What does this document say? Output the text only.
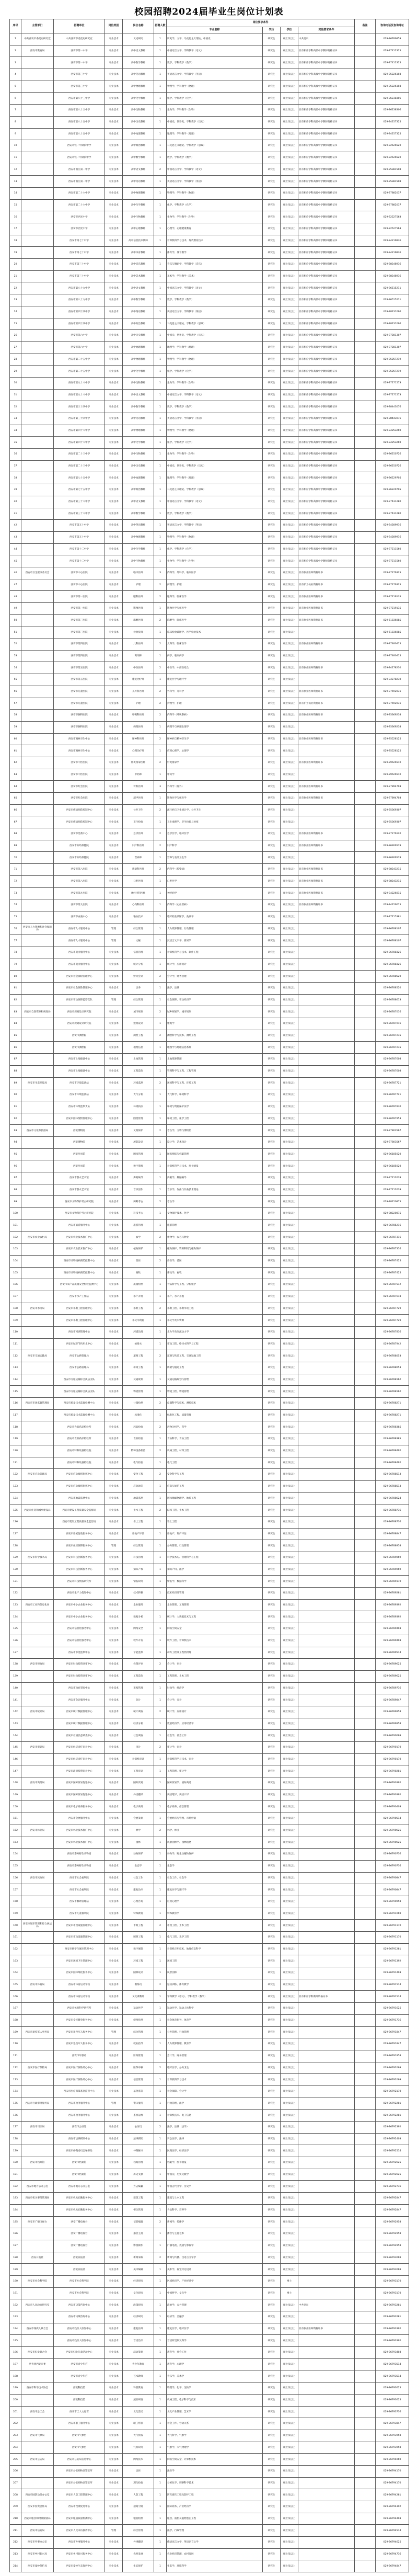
校园招聘2024届毕业生岗位计划表
序号	主管部门	招聘单位	岗位类别	岗位名称	招聘人数	岗位要求条件				备注	咨询电话及咨询地址
						专业名称	学历	学位	其他要求条件		
1	中共西安市委党史研究室	中共西安市委党史研究室	专业技术	文史研究	1	历史学、文学、马克思主义理论、中国史	研究生	硕士及以上	中共党员		029-86786859
2	西安市教育局	西安市第一中学	专业技术	高中语文教师	1	中国语言文学、学科教学（语文）	研究生	硕士及以上	具有相应学科高级中学教师资格证书		029-87412325
3		西安市第一中学	专业技术	高中数学教师	1	数学、学科教学（数学）	研究生	硕士及以上	具有相应学科高级中学教师资格证书		029-87412325
4		西安市第三中学	专业技术	高中英语教师	1	英语语言文学、学科教学（英语）	研究生	硕士及以上	具有相应学科高级中学教师资格证书		029-85226103
5		西安市第三中学	专业技术	高中物理教师	1	物理学、学科教学（物理）	研究生	硕士及以上	具有相应学科高级中学教师资格证书		029-85226103
6		西安市第八十三中学	专业技术	高中化学教师	1	化学、学科教学（化学）	研究生	硕士及以上	具有相应学科高级中学教师资格证书		029-86238306
7		西安市第八十三中学	专业技术	高中生物教师	1	生物学、学科教学（生物）	研究生	硕士及以上	具有相应学科高级中学教师资格证书		029-86238306
8		西安市第八十五中学	专业技术	高中历史教师	1	中国史、世界史、学科教学（历史）	研究生	硕士及以上	具有相应学科高级中学教师资格证书		029-84257325
9		西安市第八十五中学	专业技术	高中地理教师	1	地理学、学科教学（地理）	研究生	硕士及以上	具有相应学科高级中学教师资格证书		029-84257325
10		西安市铁一中湖滨中学	专业技术	高中政治教师	1	马克思主义理论、学科教学（思政）	研究生	硕士及以上	具有相应学科高级中学教师资格证书		029-82526520
11		西安市铁一中湖滨中学	专业技术	高中数学教师	1	数学、学科教学（数学）	研究生	硕士及以上	具有相应学科高级中学教师资格证书		029-82526520
12		西安市曲江第一中学	专业技术	高中语文教师	2	中国语言文学、学科教学（语文）	研究生	硕士及以上	具有相应学科高级中学教师资格证书		029-85381508
13		西安市曲江第一中学	专业技术	高中英语教师	1	英语语言文学、学科教学（英语）	研究生	硕士及以上	具有相应学科高级中学教师资格证书		029-85381508
14		西安市第二十六中学	专业技术	高中物理教师	1	物理学、学科教学（物理）	研究生	硕士及以上	具有相应学科高级中学教师资格证书		029-87882037
15		西安市第二十六中学	专业技术	高中化学教师	1	化学、学科教学（化学）	研究生	硕士及以上	具有相应学科高级中学教师资格证书		029-87882037
16		西安市西光中学	专业技术	高中生物教师	1	生物学、学科教学（生物）	研究生	硕士及以上	具有相应学科高级中学教师资格证书		029-82527563
17		西安市西光中学	专业技术	高中心理教师	1	心理学、心理健康教育	研究生	硕士及以上	具有相应学科高级中学教师资格证书		029-82527563
18		西安市第七十中学	专业技术	高中信息技术教师	1	计算机科学与技术、现代教育技术	研究生	硕士及以上	具有相应学科高级中学教师资格证书		029-84219836
19		西安市第七十中学	专业技术	高中体育教师	1	体育学、体育教学	研究生	硕士及以上	具有相应学科高级中学教师资格证书		029-84219836
20		西安市第三十中学	专业技术	高中音乐教师	1	音乐与舞蹈学、学科教学（音乐）	研究生	硕士及以上	具有相应学科高级中学教师资格证书		029-88248936
21		西安市第三十中学	专业技术	高中美术教师	1	美术学、学科教学（美术）	研究生	硕士及以上	具有相应学科高级中学教师资格证书		029-88248936
22		西安市第八十九中学	专业技术	高中语文教师	1	中国语言文学、学科教学（语文）	研究生	硕士及以上	具有相应学科高级中学教师资格证书		029-86515211
23		西安市第八十九中学	专业技术	高中数学教师	1	数学、学科教学（数学）	研究生	硕士及以上	具有相应学科高级中学教师资格证书		029-86515211
24		西安市第四十四中学	专业技术	高中英语教师	1	英语语言文学、学科教学（英语）	研究生	硕士及以上	具有相应学科高级中学教师资格证书		029-88231096
25		西安市第四十四中学	专业技术	高中政治教师	1	马克思主义理论、学科教学（思政）	研究生	硕士及以上	具有相应学科高级中学教师资格证书		029-88231096
26		西安市第六中学	专业技术	高中历史教师	1	中国史、世界史、学科教学（历史）	研究生	硕士及以上	具有相应学科高级中学教师资格证书		029-87281307
27		西安市第六中学	专业技术	高中地理教师	1	地理学、学科教学（地理）	研究生	硕士及以上	具有相应学科高级中学教师资格证书		029-87281307
28		西安市第二十五中学	专业技术	高中物理教师	1	物理学、学科教学（物理）	研究生	硕士及以上	具有相应学科高级中学教师资格证书		029-85257219
29		西安市第二十五中学	专业技术	高中化学教师	1	化学、学科教学（化学）	研究生	硕士及以上	具有相应学科高级中学教师资格证书		029-85257219
30		西安市第九十八中学	专业技术	高中生物教师	1	生物学、学科教学（生物）	研究生	硕士及以上	具有相应学科高级中学教师资格证书		029-87271573
31		西安市第九十八中学	专业技术	高中语文教师	1	中国语言文学、学科教学（语文）	研究生	硕士及以上	具有相应学科高级中学教师资格证书		029-87271573
32		西安市第三十四中学	专业技术	高中数学教师	1	数学、学科教学（数学）	研究生	硕士及以上	具有相应学科高级中学教师资格证书		029-88443076
33		西安市第三十四中学	专业技术	高中英语教师	1	英语语言文学、学科教学（英语）	研究生	硕士及以上	具有相应学科高级中学教师资格证书		029-88443076
34		西安市第四十八中学	专业技术	高中物理教师	1	物理学、学科教学（物理）	研究生	硕士及以上	具有相应学科高级中学教师资格证书		029-84253269
35		西安市第四十八中学	专业技术	高中化学教师	1	化学、学科教学（化学）	研究生	硕士及以上	具有相应学科高级中学教师资格证书		029-84253269
36		西安市第二十三中学	专业技术	高中生物教师	1	生物学、学科教学（生物）	研究生	硕士及以上	具有相应学科高级中学教师资格证书		029-86250726
37		西安市第二十三中学	专业技术	高中历史教师	1	中国史、世界史、学科教学（历史）	研究生	硕士及以上	具有相应学科高级中学教师资格证书		029-86250726
38		西安市第七十五中学	专业技术	高中地理教师	1	地理学、学科教学（地理）	研究生	硕士及以上	具有相应学科高级中学教师资格证书		029-86229705
39		西安市第七十五中学	专业技术	高中政治教师	1	马克思主义理论、学科教学（思政）	研究生	硕士及以上	具有相应学科高级中学教师资格证书		029-86229705
40		西安市第三十八中学	专业技术	高中语文教师	1	中国语言文学、学科教学（语文）	研究生	硕士及以上	具有相应学科高级中学教师资格证书		029-87431280
41		西安市第三十八中学	专业技术	高中数学教师	1	数学、学科教学（数学）	研究生	硕士及以上	具有相应学科高级中学教师资格证书		029-87431280
42		西安市第五十中学	专业技术	高中英语教师	1	英语语言文学、学科教学（英语）	研究生	硕士及以上	具有相应学科高级中学教师资格证书		029-84289916
43		西安市第五十中学	专业技术	高中物理教师	1	物理学、学科教学（物理）	研究生	硕士及以上	具有相应学科高级中学教师资格证书		029-84289916
44		西安市第十二中学	专业技术	高中化学教师	1	化学、学科教学（化学）	研究生	硕士及以上	具有相应学科高级中学教师资格证书		029-87211560
45		西安市第十二中学	专业技术	高中生物教师	1	生物学、学科教学（生物）	研究生	硕士及以上	具有相应学科高级中学教师资格证书		029-87211560
46	西安市卫生健康委员会	西安市中心医院	专业技术	临床医师	3	内科学、外科学、临床医学	研究生	硕士及以上	具有执业医师资格证书		029-87276325
47		西安市中心医院	专业技术	护理	2	护理学、护理	研究生	硕士及以上	具有护士执业资格证书		029-87276325
48		西安市第一医院	专业技术	眼科医师	2	眼科学、临床医学	研究生	硕士及以上	具有执业医师资格证书		029-87219135
49		西安市第一医院	专业技术	影像医师	1	影像医学与核医学	研究生	硕士及以上	具有执业医师资格证书		029-87219135
50		西安市第三医院	专业技术	麻醉医师	2	麻醉学、临床医学	研究生	硕士及以上	具有执业医师资格证书		029-61836085
51		西安市第三医院	专业技术	检验技师	1	临床检验诊断学、医学检验技术	研究生	硕士及以上			029-61836085
52		西安市第四医院	专业技术	儿科医师	2	儿科学、临床医学	研究生	硕士及以上	具有执业医师资格证书		029-87480415
53		西安市第四医院	专业技术	药剂师	1	药学、临床药学	研究生	硕士及以上			029-87480415
54		西安市第五医院	专业技术	中医医师	2	中医学、中西医结合	研究生	硕士及以上	具有执业医师资格证书		029-84278230
55		西安市第五医院	专业技术	康复治疗师	1	康复医学与理疗学	研究生	硕士及以上			029-84278230
56		西安市儿童医院	专业技术	儿外科医师	2	外科学、儿科学	研究生	硕士及以上	具有执业医师资格证书		029-87692031
57		西安市儿童医院	专业技术	护理	2	护理学、护理	研究生	硕士及以上	具有护士执业资格证书		029-87692031
58		西安市胸科医院	专业技术	呼吸科医师	2	内科学（呼吸系病）	研究生	硕士及以上	具有执业医师资格证书		029-85369238
59		西安市胸科医院	专业技术	病理医师	1	病理学与病理生理学	研究生	硕士及以上			029-85369238
60		西安市精神卫生中心	专业技术	精神科医师	2	精神病与精神卫生学	研究生	硕士及以上	具有执业医师资格证书		029-85528125
61		西安市精神卫生中心	专业技术	心理治疗师	1	应用心理学、心理学	研究生	硕士及以上			029-85528125
62		西安市中医医院	专业技术	针灸推拿医师	2	针灸推拿学	研究生	硕士及以上	具有执业医师资格证书		029-89626510
63		西安市中医医院	专业技术	中药师	1	中药学	研究生	硕士及以上			029-89626510
64		西安市红会医院	专业技术	骨科医师	3	外科学（骨外）	研究生	硕士及以上	具有执业医师资格证书		029-87894703
65		西安市红会医院	专业技术	超声医师	1	影像医学与核医学	研究生	硕士及以上	具有执业医师资格证书		029-87894703
66		西安市疾病预防控制中心	专业技术	公共卫生	2	流行病与卫生统计学、公共卫生	研究生	硕士及以上			029-85369307
67		西安市疾病预防控制中心	专业技术	卫生检验	1	卫生毒理学、卫生检验与检疫	研究生	硕士及以上			029-85369307
68		西安市急救中心	专业技术	急诊医师	2	急诊医学、临床医学	研究生	硕士及以上	具有执业医师资格证书		029-87276120
69		西安市妇幼保健院	专业技术	妇产科医师	2	妇产科学	研究生	硕士及以上	具有执业医师资格证书		029-86266519
70		西安市妇幼保健院	专业技术	营养师	1	营养与食品卫生学	研究生	硕士及以上			029-86266519
71		西安市第八医院	专业技术	感染科医师	2	内科学（传染病）	研究生	硕士及以上	具有执业医师资格证书		029-88243215
72		西安市第八医院	专业技术	口腔医师	1	口腔医学	研究生	硕士及以上	具有执业医师资格证书		029-88243215
73		西安市第九医院	专业技术	神经内科医师	1	神经病学	研究生	硕士及以上	具有执业医师资格证书		029-84226015
74		西安市第九医院	专业技术	心内科医师	1	内科学（心血管病）	研究生	硕士及以上	具有执业医师资格证书		029-84226015
75		西安市血液中心	专业技术	输血技术	1	临床检验诊断学、免疫学	研究生	硕士及以上			029-87215381
76	西安市人力资源和社会保障局	西安市人才服务中心	管理	综合管理	1	人力资源管理、行政管理	研究生	硕士及以上			029-86788107
77		西安市人才服务中心	管理	文秘	1	汉语言文字学、新闻学	研究生	硕士及以上			029-86788107
78		西安市就业服务中心	专业技术	信息管理	1	计算机科学与技术、软件工程	研究生	硕士及以上			029-86788326
79		西安市就业服务中心	专业技术	统计分析	1	统计学、应用统计	研究生	硕士及以上			029-86788326
80		西安市社会保险管理中心	专业技术	财务会计	2	会计学、财务管理	研究生	硕士及以上			029-86788520
81		西安市社会保险管理中心	专业技术	法务	1	法学、法律	研究生	硕士及以上			029-86788520
82		西安市劳动保障监察支队	管理	综合管理	1	社会保障、劳动经济学	研究生	硕士及以上			029-86788613
83	西安市自然资源和规划局	西安市规划设计研究院	专业技术	城市规划	2	城乡规划学、城市规划	研究生	硕士及以上			029-86787016
84		西安市规划设计研究院	专业技术	建筑设计	1	建筑学	研究生	硕士及以上			029-86787016
85		西安市测绘院	专业技术	测绘工程	2	测绘科学与技术、测绘工程	研究生	硕士及以上			029-86787235
86		西安市测绘院	专业技术	地理信息	1	地图学与地理信息系统	研究生	硕士及以上			029-86787235
87		西安市土地储备中心	专业技术	土地管理	1	土地资源管理	研究生	硕士及以上			029-86787608
88		西安市土地储备中心	专业技术	工程造价	1	管理科学与工程、工程管理	研究生	硕士及以上			029-86787608
89	西安市生态环境局	西安市环境监测站	专业技术	环境监测	2	环境科学与工程、环境工程	研究生	硕士及以上			029-86787721
90		西安市环境监测站	专业技术	大气分析	1	大气科学、环境科学	研究生	硕士及以上			029-86787721
91		西安市环境监察支队	专业技术	环境执法	1	环境与资源保护法学	研究生	硕士及以上			029-86787830
92		西安市固体废物管理中心	专业技术	固废管理	1	环境工程、化学工程	研究生	硕士及以上			029-86787953
93	西安市文化和旅游局	西安博物院	专业技术	文物保护	2	考古学、文物与博物馆	研究生	硕士及以上			029-87803567
94		西安博物院	专业技术	展陈设计	1	设计学、艺术设计	研究生	硕士及以上			029-87803567
95		西安图书馆	专业技术	图书管理	1	图书情报与档案管理	研究生	硕士及以上			029-86185020
96		西安图书馆	专业技术	数字资源	1	计算机科学与技术、图书情报	研究生	硕士及以上			029-86185020
97		西安市群众艺术馆	专业技术	舞蹈编导	1	舞蹈学、舞蹈编导	研究生	硕士及以上			029-87212639
98		西安市群众艺术馆	专业技术	音乐创作	1	音乐学、作曲与作曲技术理论	研究生	硕士及以上			029-87212639
99		西安市文物保护考古研究院	专业技术	田野考古	2	考古学	研究生	硕士及以上			029-88220875
100		西安市文物保护考古研究院	专业技术	科技考古	1	文物保护技术、化学	研究生	硕士及以上			029-88220875
101		西安市旅游服务中心	专业技术	旅游管理	1	旅游管理	研究生	硕士及以上			029-86785216
102	西安市农业农村局	西安市农业技术推广中心	专业技术	农学	2	作物学、农艺与种业	研究生	硕士及以上			029-86787316
103		西安市农业技术推广中心	专业技术	植物保护	1	植物保护、资源利用与植物保护	研究生	硕士及以上			029-86787316
104		西安市动物疫病预防控制中心	专业技术	兽医	2	兽医学、兽医	研究生	硕士及以上			029-86787425
105		西安市动物疫病预防控制中心	专业技术	畜牧	1	畜牧学、畜牧	研究生	硕士及以上			029-86787425
106		西安市农产品质量安全检验监测中心	专业技术	质量检测	1	食品科学与工程、分析化学	研究生	硕士及以上			029-86787512
107		西安市水产工作站	专业技术	水产养殖	1	水产、水产养殖	研究生	硕士及以上			029-86787618
108	西安市水务局	西安市水利工程管理中心	专业技术	水利工程	2	水利工程、水利水电工程	研究生	硕士及以上			029-86787729
109		西安市水利工程管理中心	专业技术	水文水资源	1	水文学及水资源	研究生	硕士及以上			029-86787729
110		西安市河湖管理中心	专业技术	河道治理	1	水力学及河流动力学	研究生	硕士及以上			029-86787836
111		西安市城市节约用水中心	专业技术	给排水	1	市政工程、给排水科学与工程	研究生	硕士及以上			029-86787942
112	西安市交通运输局	西安市公路管理局	专业技术	道路工程	2	道路与铁道工程、交通运输工程	研究生	硕士及以上			029-86788053
113		西安市公路管理局	专业技术	桥梁工程	1	桥梁与隧道工程	研究生	硕士及以上			029-86788053
114		西安市交通运输综合执法支队	专业技术	交通规划	1	交通运输规划与管理	研究生	硕士及以上			029-86788162
115		西安市交通运输综合执法支队	专业技术	物流管理	1	物流工程、物流管理	研究生	硕士及以上			029-86788162
116	西安市市场监督管理局	西安市质量技术监督检测中心	专业技术	计量检测	2	仪器科学与技术、测控技术	研究生	硕士及以上			029-86788271
117		西安市质量技术监督检测中心	专业技术	标准化	1	标准化工程、质量管理	研究生	硕士及以上			029-86788271
118		西安市食品药品检验所	专业技术	药品检验	2	药物分析学、药学	研究生	硕士及以上			029-86788385
119		西安市食品药品检验所	专业技术	食品检验	1	食品科学、食品工程	研究生	硕士及以上			029-86788385
120		西安市特种设备检验院	专业技术	特种设备检验	2	机械工程、材料工程	研究生	硕士及以上			029-86788492
121		西安市特种设备检验院	专业技术	电气检验	1	电气工程	研究生	硕士及以上			029-86788492
122	西安市应急管理局	西安市应急救援指挥中心	专业技术	安全工程	2	安全科学与工程	研究生	硕士及以上			029-86788513
123		西安市应急救援指挥中心	专业技术	应急通信	1	信息与通信工程	研究生	硕士及以上			029-86788513
124		西安市地震监测中心	专业技术	地震监测	1	固体地球物理学、地质工程	研究生	硕士及以上			029-86788624
125	西安市住房和城乡建设局	西安市建设工程质量安全监督站	专业技术	土木工程	2	结构工程、土木工程	研究生	硕士及以上			029-86788736
126		西安市建设工程质量安全监督站	专业技术	岩土工程	1	岩土工程	研究生	硕士及以上			029-86788736
127		西安市房屋征收服务中心	专业技术	房地产评估	1	房地产、资产评估	研究生	硕士及以上			029-86788847
128		西安市住房保障服务中心	管理	综合管理	1	公共管理、行政管理	研究生	硕士及以上			029-86788958
129	西安市科学技术局	西安市科技创新服务中心	专业技术	科技管理	1	科学技术史、管理科学与工程	研究生	硕士及以上			029-86789069
130		西安市科技创新服务中心	专业技术	知识产权	1	知识产权、法学	研究生	硕士及以上			029-86789069
131		西安市科技情报研究所	专业技术	情报研究	1	情报学、数据科学	研究生	硕士及以上			029-86789170
132		西安市生产力促进中心	专业技术	技术转移	1	技术经济及管理	研究生	硕士及以上			029-86789281
133	西安市工业和信息化局	西安市中小企业服务中心	专业技术	企业服务	1	企业管理、工商管理	研究生	硕士及以上			029-86789392
134		西安市中小企业服务中心	专业技术	数据分析	1	统计学、大数据技术与工程	研究生	硕士及以上			029-86789392
135		西安市信息化服务中心	专业技术	网络安全	1	网络空间安全	研究生	硕士及以上			029-86789403
136		西安市信息化服务中心	专业技术	软件开发	1	软件工程、计算机技术	研究生	硕士及以上			029-86789403
137		西安市节能监察中心	专业技术	节能监察	1	动力工程及工程热物理	研究生	硕士及以上			029-86789514
138	西安市财政局	西安市财政投资评审中心	专业技术	投资评审	2	会计学、审计	研究生	硕士及以上			029-86789625
139		西安市财政投资评审中心	专业技术	工程造价	1	工程管理、土木工程	研究生	硕士及以上			029-86789625
140		西安市政府采购中心	专业技术	采购管理	1	财政学、经济学	研究生	硕士及以上			029-86789736
141		西安市会计服务中心	专业技术	会计	1	会计学、会计	研究生	硕士及以上			029-86789847
142	西安市统计局	西安市统计数据管理中心	专业技术	统计调查	2	统计学、应用统计	研究生	硕士及以上			029-86789958
143		西安市统计数据管理中心	专业技术	经济分析	1	数量经济学、应用经济学	研究生	硕士及以上			029-86789958
144		西安市社情民意调查中心	专业技术	社会调查	1	社会学、社会工作	研究生	硕士及以上			029-86790069
145	西安市审计局	西安市经济责任审计中心	专业技术	审计	2	审计学、审计	研究生	硕士及以上			029-86790170
146		西安市经济责任审计中心	专业技术	计算机审计	1	计算机科学与技术、审计	研究生	硕士及以上			029-86790170
147		西安市政府投资审计中心	专业技术	工程审计	1	工程管理、审计学	研究生	硕士及以上			029-86790281
148	西安市商务局	西安市国际贸易促进中心	专业技术	国际贸易	1	国际贸易学、国际商务	研究生	硕士及以上			029-86790392
149		西安市国际贸易促进中心	专业技术	外语翻译	1	英语笔译、英语口译	研究生	硕士及以上			029-86790392
150		西安市电子商务服务中心	专业技术	电子商务	1	电子商务、信息管理	研究生	硕士及以上			029-86790403
151		西安市会展服务中心	专业技术	会展策划	1	会展经济与管理、市场营销	研究生	硕士及以上			029-86790514
152	西安市林业局	西安市林业技术推广中心	专业技术	林学	2	林学、林业	研究生	硕士及以上			029-86790625
153		西安市林业技术推广中心	专业技术	园林	1	风景园林学、园林植物	研究生	硕士及以上			029-86790625
154		西安市秦岭野生动物园	专业技术	动物保护	1	动物学、野生动植物保护	研究生	硕士及以上			029-86790736
155		西安市秦岭野生动物园	专业技术	生态学	1	生态学	研究生	硕士及以上			029-86790736
156	西安市民政局	西安市社会福利院	专业技术	社会工作	1	社会工作、社会学	研究生	硕士及以上			029-86790847
157		西安市社会福利院	专业技术	康复治疗	1	康复医学与理疗学	研究生	硕士及以上			029-86790847
158		西安市救助管理站	专业技术	心理咨询	1	应用心理学	研究生	硕士及以上			029-86790958
159		西安市儿童福利院	专业技术	特殊教育	1	特殊教育学	研究生	硕士及以上			029-86791069
160	西安市城市管理和综合执法局	西安市市政设施管理中心	专业技术	市政工程	2	市政工程、土木工程	研究生	硕士及以上			029-86791170
161		西安市市政设施管理中心	专业技术	照明工程	1	电气工程、光学工程	研究生	硕士及以上			029-86791170
162		西安市数字化城市管理中心	专业技术	数字城管	1	计算机应用技术、地理信息科学	研究生	硕士及以上			029-86791281
163		西安市环境卫生管理中心	专业技术	环境工程	1	环境工程	研究生	硕士及以上			029-86791392
164		西安市园林绿化服务中心	专业技术	园林设计	1	风景园林	研究生	硕士及以上			029-86791403
165	西安市体育局	西安市体育运动学校	专业技术	教练员	2	运动训练、体育教学	研究生	硕士及以上			029-86791514
166		西安市体育运动学校	专业技术	文化课教师	1	学科教学（语文）、学科教学（数学）	研究生	硕士及以上	具有相应学科教师资格证书		029-86791514
167		西安市体育科学研究所	专业技术	运动医学	1	运动医学、运动人体科学	研究生	硕士及以上			029-86791625
168		西安市全民健身指导中心	专业技术	健身指导	1	社会体育指导、体育学	研究生	硕士及以上			029-86791736
169	西安市退役军人事务局	西安市退役军人服务中心	管理	综合管理	1	公共管理、行政管理	研究生	硕士及以上			029-86791847
170		西安市退役军人服务中心	专业技术	就业指导	1	人力资源管理、教育学	研究生	硕士及以上			029-86791847
171		西安市军供站	专业技术	财务管理	1	会计学、财务管理	研究生	硕士及以上			029-86791958
172	西安市医疗保障局	西安市医疗保险经办中心	专业技术	医保审核	2	临床医学、公共卫生	研究生	硕士及以上			029-86792069
173		西安市医疗保险经办中心	专业技术	信息管理	1	计算机科学与技术	研究生	硕士及以上			029-86792069
174		西安市医疗保障基金监管中心	专业技术	基金监管	1	社会保障、会计学	研究生	硕士及以上			029-86792170
175	西安市行政审批服务局	西安市政务服务中心	管理	窗口服务	1	行政管理、法学	研究生	硕士及以上			029-86792281
176		西安市政务服务中心	专业技术	系统运维	1	计算机技术、电子信息	研究生	硕士及以上			029-86792281
177	西安市司法局	西安市公证处	专业技术	公证员	2	法学、法律（法学）	研究生	硕士及以上			029-86792392
178		西安市法律援助中心	专业技术	法律援助	1	诉讼法学、法律	研究生	硕士及以上			029-86792403
179		西安市仲裁委员会秘书处	专业技术	仲裁秘书	1	民商法学、经济法学	研究生	硕士及以上			029-86792514
180	西安市档案馆	西安市档案馆	专业技术	档案管理	1	档案学、图书情报	研究生	硕士及以上			029-86792625
181		西安市档案馆	专业技术	历史文献	1	中国史、历史文献学	研究生	硕士及以上			029-86792625
182	西安市地方志办公室	西安市地方志办公室	专业技术	方志编纂	1	中国古代文学、历史学	研究生	硕士及以上			029-86792736
183	西安市机关事务管理局	西安市机关后勤服务中心	专业技术	建筑工程	1	建筑与土木工程	研究生	硕士及以上			029-86792847
184		西安市机关后勤服务中心	专业技术	餐饮管理	1	食品科学、营养学	研究生	硕士及以上			029-86792847
185	西安市广播电视台	西安广播电视台	专业技术	记者编辑	2	新闻学、传播学	研究生	硕士及以上			029-86792958
186		西安广播电视台	专业技术	播音主持	1	播音与主持艺术	研究生	硕士及以上			029-86792958
187		西安广播电视台	专业技术	影视制作	1	广播电视、戏剧与影视学	研究生	硕士及以上			029-86792958
188	西安日报社	西安日报社	专业技术	新闻采编	2	新闻与传播、汉语言文字学	研究生	硕士及以上			029-86793069
189		西安日报社	专业技术	美术编辑	1	美术学、视觉传达设计	研究生	硕士及以上			029-86793069
190	西安市社会科学院	西安市社会科学院	专业技术	经济研究	1	区域经济学、产业经济学	研究生	博士			029-86793170
191		西安市社会科学院	专业技术	文化研究	1	中国哲学、文化学	研究生	博士			029-86793170
192	西安市人民政府研究室	西安市决策咨询中心	专业技术	政策研究	1	政治学、公共管理	研究生	硕士及以上	中共党员		029-86793281
193		西安市决策咨询中心	专业技术	经济研究	1	经济学、金融学	研究生	硕士及以上			029-86793281
194	西安市残疾人联合会	西安市残疾人康复中心	专业技术	康复医师	1	康复医学、临床医学	研究生	硕士及以上	具有执业医师资格证书		029-86793392
195		西安市残疾人康复中心	专业技术	言语治疗	1	言语听觉康复科学	研究生	硕士及以上			029-86793392
196	西安市妇女联合会	西安市妇女儿童活动中心	专业技术	活动策划	1	教育学、社会工作	研究生	硕士及以上			029-86793403
197	共青团西安市委	西安市青少年宫	专业技术	青少年教育	1	教育学、心理学	研究生	硕士及以上			029-86793514
198		西安市青少年宫	专业技术	艺术教师	1	音乐学、美术学	研究生	硕士及以上			029-86793514
199	西安市科学技术协会	西安科技馆	专业技术	科普教育	1	物理学、化学、生物学	研究生	硕士及以上			029-86793625
200		西安科技馆	专业技术	展品研发	1	机械工程、电子科学与技术	研究生	硕士及以上			029-86793625
201	西安市总工会	西安市工人文化宫	专业技术	文化活动	1	文化产业管理、艺术学	研究生	硕士及以上			029-86793736
202		西安市职工服务中心	专业技术	职工帮扶	1	社会工作、劳动关系	研究生	硕士及以上			029-86793847
203	西安市气象局	西安市气象台	专业技术	天气预报	1	大气科学、气象学	研究生	硕士及以上			029-86793958
204		西安市气象台	专业技术	气候研究	1	气象学、大气物理学	研究生	硕士及以上			029-86793958
205	西安市公安局	西安市公安局信息中心	专业技术	网络技术	1	网络空间安全、计算机技术	研究生	硕士及以上			029-86794069
206		西安市公安局物证鉴定所	专业技术	法医	1	法医学	研究生	硕士及以上			029-86794170
207		西安市公安局物证鉴定所	专业技术	理化检验	1	分析化学、刑事科学技术	研究生	硕士及以上			029-86794170
208	西安市国防动员办公室	西安市人防工程管理中心	专业技术	人防工程	1	防灾减灾工程及防护工程	研究生	硕士及以上			029-86794281
209	西安市投资合作局	西安市投资促进中心	专业技术	招商引资	1	国际商务、产业经济学	研究生	硕士及以上			029-86794392
210	西安市粮食和物资储备局	西安市粮油质量检测中心	专业技术	粮油检测	1	粮食、油脂及植物蛋白工程	研究生	硕士及以上			029-86794403
211	西安市信访局	西安市人民来访接待中心	管理	综合管理	1	法学、行政管理	研究生	硕士及以上			029-86794514
212	西安市外事办公室	西安市外事服务中心	专业技术	外事翻译	1	俄语语言文学、英语语言文学	研究生	硕士及以上			029-86794625
213	西安市乡村振兴局	西安市乡村振兴服务中心	专业技术	农村发展	1	农业经济管理、农村发展	研究生	硕士及以上			029-86794736
214	西安市秦岭保护局	西安市秦岭生态保护中心	专业技术	生态保护	1	生态学、环境科学	研究生	硕士及以上			029-86794847
